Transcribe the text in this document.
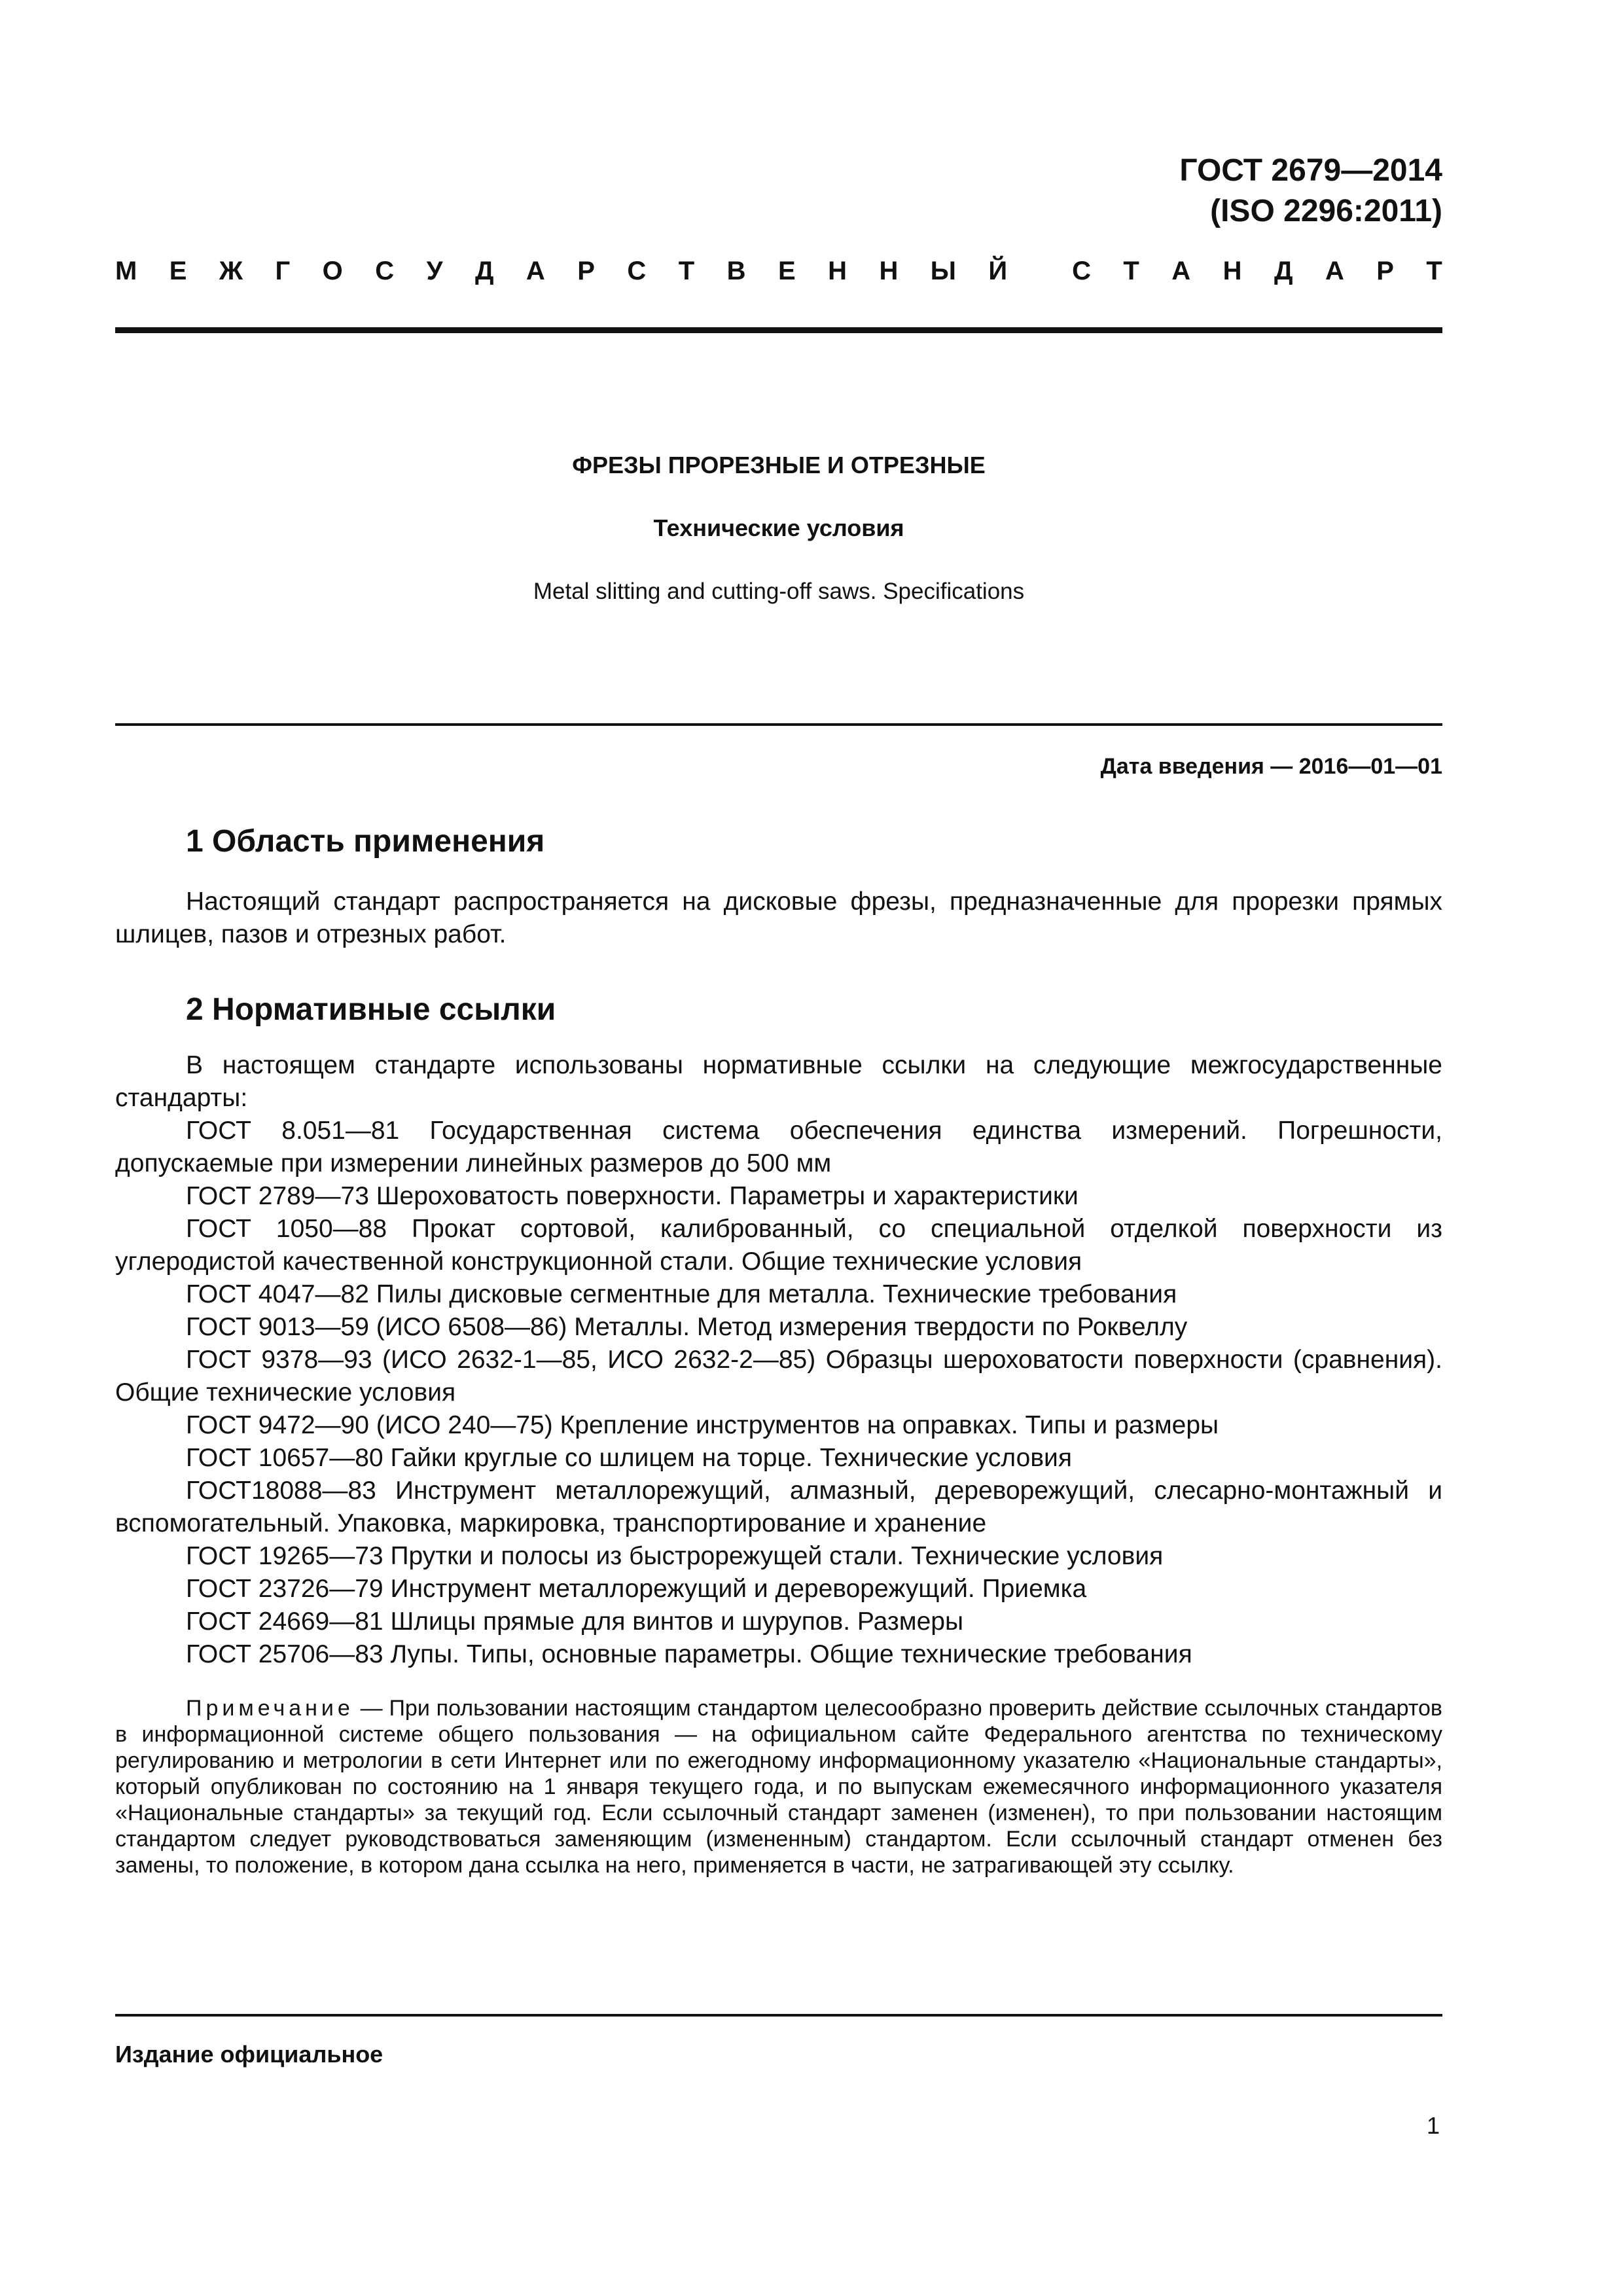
ГОСТ 2679—2014
(ISO 2296:2011)
М Е Ж Г О С У Д А Р С Т В Е Н Н Ы Й С Т А Н Д А Р Т
ФРЕЗЫ ПРОРЕЗНЫЕ И ОТРЕЗНЫЕ
Технические условия
Metal slitting and cutting-off saws. Specifications
Дата введения — 2016—01—01
1 Область применения

Настоящий стандарт распространяется на дисковые фрезы, предназначенные для прорезки прямых шлицев, пазов и отрезных работ.

2 Нормативные ссылки

В настоящем стандарте использованы нормативные ссылки на следующие межгосударственные стандарты:

ГОСТ 8.051—81 Государственная система обеспечения единства измерений. Погрешности, допускаемые при измерении линейных размеров до 500 мм

ГОСТ 2789—73 Шероховатость поверхности. Параметры и характеристики

ГОСТ 1050—88 Прокат сортовой, калиброванный, со специальной отделкой поверхности из углеродистой качественной конструкционной стали. Общие технические условия

ГОСТ 4047—82 Пилы дисковые сегментные для металла. Технические требования

ГОСТ 9013—59 (ИСО 6508—86) Металлы. Метод измерения твердости по Роквеллу

ГОСТ 9378—93 (ИСО 2632-1—85, ИСО 2632-2—85) Образцы шероховатости поверхности (сравнения). Общие технические условия

ГОСТ 9472—90 (ИСО 240—75) Крепление инструментов на оправках. Типы и размеры

ГОСТ 10657—80 Гайки круглые со шлицем на торце. Технические условия

ГОСТ18088—83 Инструмент металлорежущий, алмазный, дереворежущий, слесарно-монтажный и вспомогательный. Упаковка, маркировка, транспортирование и хранение

ГОСТ 19265—73 Прутки и полосы из быстрорежущей стали. Технические условия

ГОСТ 23726—79 Инструмент металлорежущий и дереворежущий. Приемка

ГОСТ 24669—81 Шлицы прямые для винтов и шурупов. Размеры

ГОСТ 25706—83 Лупы. Типы, основные параметры. Общие технические требования

Примечание — При пользовании настоящим стандартом целесообразно проверить действие ссылочных стандартов в информационной системе общего пользования — на официальном сайте Федерального агентства по техническому регулированию и метрологии в сети Интернет или по ежегодному информационному указателю «Национальные стандарты», который опубликован по состоянию на 1 января текущего года, и по выпускам ежемесячного информационного указателя «Национальные стандарты» за текущий год. Если ссылочный стандарт заменен (изменен), то при пользовании настоящим стандартом следует руководствоваться заменяющим (измененным) стандартом. Если ссылочный стандарт отменен без замены, то положение, в котором дана ссылка на него, применяется в части, не затрагивающей эту ссылку.

Издание официальное
1
